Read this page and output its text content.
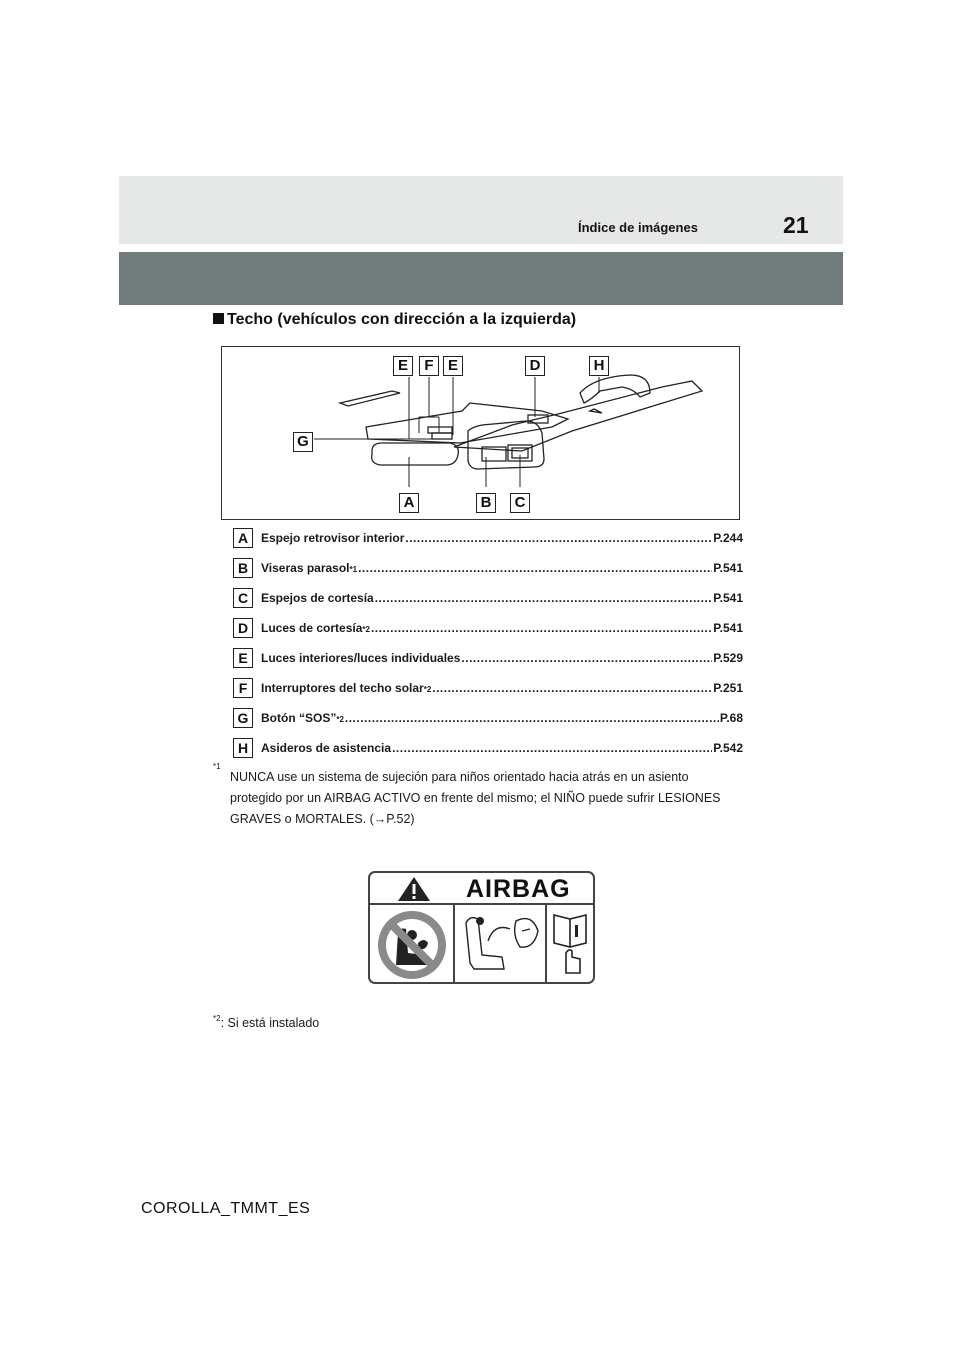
Índice de imágenes	21
Techo (vehículos con dirección a la izquierda)
E	F E	D	H
G
A	B	C
A	Espejo retrovisor interior .....	P.244
B	Viseras parasol *1 .....	P.541
C	Espejos de cortesía .....	P.541
D	Luces de cortesía *2 .....	P.541
E	Luces interiores/luces individuales .....	P.529
F	Interruptores del techo solar *2 .....	P.251
G	Botón “SOS” *2 .....	P.68
H	Asideros de asistencia .....	P.542
*1
NUNCA use un sistema de sujeción para niños orientado hacia atrás en un asiento protegido por un AIRBAG ACTIVO en frente del mismo; el NIÑO puede sufrir LESIONES GRAVES o MORTALES. (→P.52)
AIRBAG
$^{*2}$: Si está instalado
COROLLA_TMMT_ES
